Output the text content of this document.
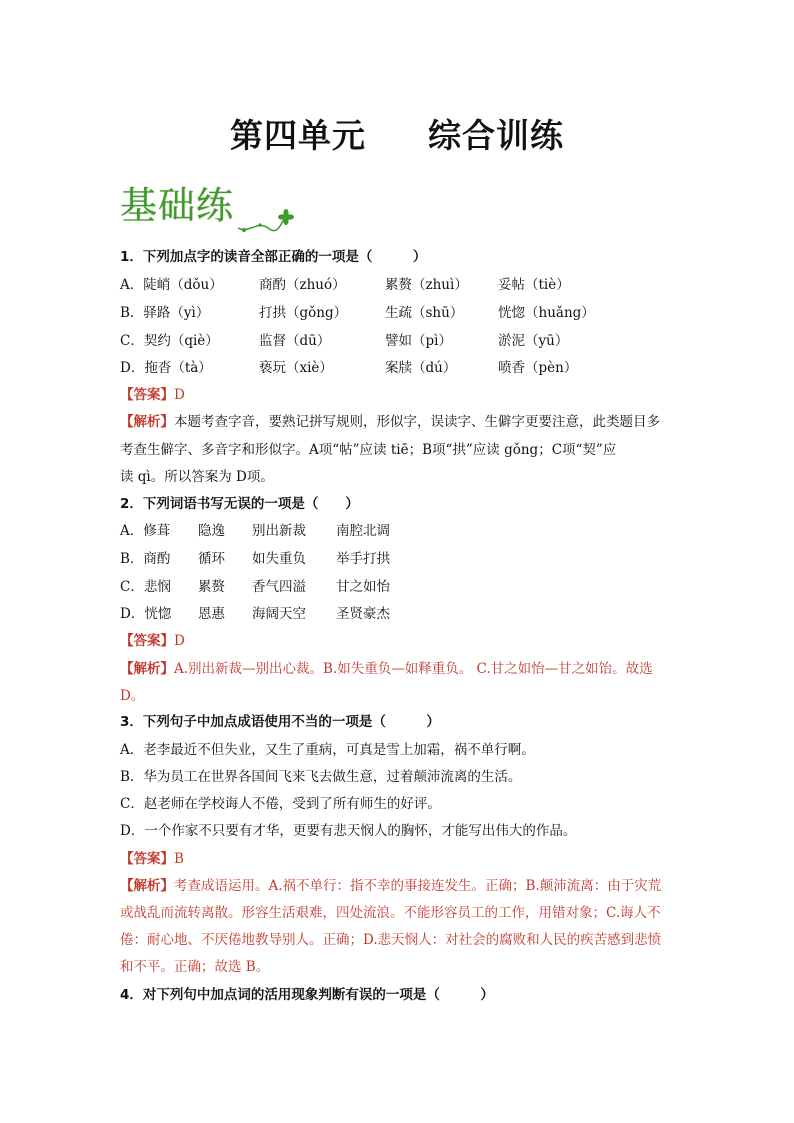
第四单元 综合训练
基础练
1．下列加点字的读音全部正确的一项是（　　　）
A．陡峭（dǒu）	商酌（zhuó）	累赘（zhuì） 妥帖（tiè）
B．驿路（yì）	打拱（gǒng）	生疏（shū）	恍惚（huǎng）
C．契约（qiè）	监督（dū）	譬如（pì）	淤泥（yū）
D．拖沓（tà）	亵玩（xiè）	案牍（dú）	喷香（pèn）
【答案】D
【解析】本题考查字音，要熟记拼写规则，形似字，误读字、生僻字更要注意，此类题目多
考查生僻字、多音字和形似字。A项“帖”应读 tiē；B项“拱”应读 gǒng；C项“契”应
读 qì。所以答案为 D项。
2．下列词语书写无误的一项是（　　）
A．修葺 隐逸 别出新裁 南腔北调
B．商酌 循环 如失重负 举手打拱
C．悲悯 累赘 香气四溢 甘之如怡
D．恍惚 恩惠 海阔天空 圣贤豪杰
【答案】D
【解析】A.别出新裁—别出心裁。B.如失重负—如释重负。 C.甘之如怡—甘之如饴。故选
D。
3．下列句子中加点成语使用不当的一项是（　　　）
A．老李最近不但失业，又生了重病，可真是雪上加霜，祸不单行啊。
B．华为员工在世界各国间飞来飞去做生意，过着颠沛流离的生活。
C．赵老师在学校诲人不倦，受到了所有师生的好评。
D．一个作家不只要有才华，更要有悲天悯人的胸怀，才能写出伟大的作品。
【答案】B
【解析】考查成语运用。A.祸不单行：指不幸的事接连发生。正确；B.颠沛流离：由于灾荒
或战乱而流转离散。形容生活艰难，四处流浪。不能形容员工的工作，用错对象；C.诲人不
倦：耐心地、不厌倦地教导别人。正确；D.悲天悯人：对社会的腐败和人民的疾苦感到悲愤
和不平。正确；故选 B。
4．对下列句中加点词的活用现象判断有误的一项是（　　　）
